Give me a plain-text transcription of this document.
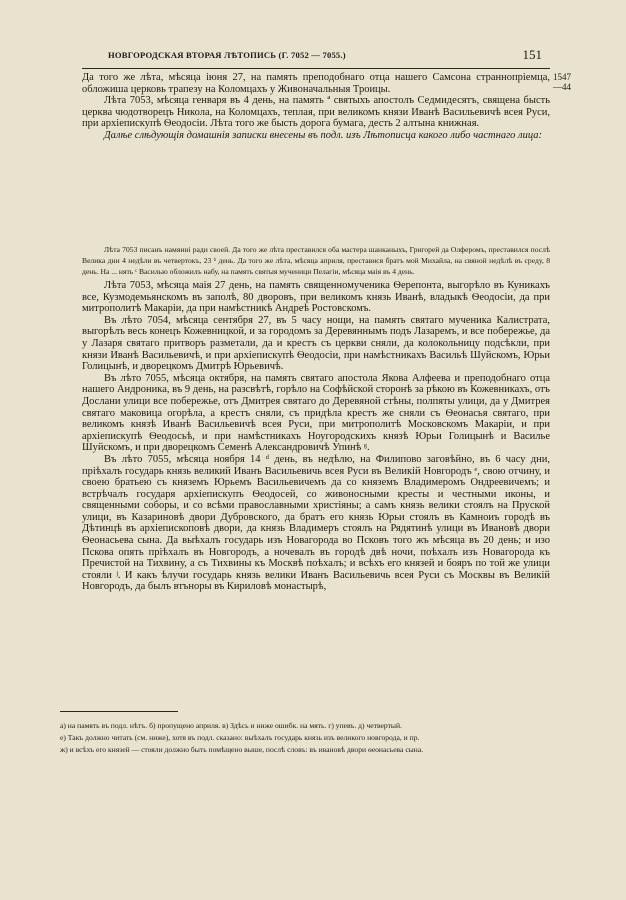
НОВГОРОДСКАЯ ВТОРАЯ ЛѢТОПИСЬ (Г. 7052 — 7055.)	151
1547
—44

Да того же лѣта, мѣсяца iюня 27, на память преподобнаго отца нашего Самсона страннопрiемца, обложиша церковь трапезу на Коломцахъ у Живоначальныя Троицы.

Лѣта 7053, мѣсяца генваря въ 4 день, на память ª святыхъ апостолъ Седмидесятъ, священа бысть церква чюдотворецъ Никола, на Коломцахъ, теплая, при великомъ князи Иванѣ Васильевичѣ всея Руси, при архiепискупѣ Ѳеодосiи. Лѣта того же бысть дорога бумага, десть 2 алтына книжная.

Далѣе слѣдующiя домашнiя записки внесены въ подл. изъ Лѣтописца какого либо частнаго лица:

Лѣта 7053 писанъ намяинi ради своей. Да того же лѣта преставился оба мастера шанканыхъ, Григорей да Олферомъ, преставился послѣ Велика дни 4 недѣли въ четвертокъ, 23 ᵇ день. Да того же лѣта, мѣсяца априля, преставися братъ мой Михайла, на свяной недѣлѣ въ среду, 8 день. На ... нять ᶜ Василью обложилъ набу, на память святыя мученици Пелагiи, мѣсяца маiя въ 4 день.

Лѣта 7053, мѣсяца маiя 27 день, на память священномученика Ѳерепонта, выгорѣло въ Куникахъ все, Кузмодемьянскомъ въ заполѣ, 80 дворовъ, при великомъ князь Иванѣ, владыкѣ Ѳеодосiи, да при митрополитѣ Макарiи, да при намѣстникѣ Андреѣ Ростовскомъ.

Въ лѣто 7054, мѣсяца сентября 27, въ 5 часу нощи, на память святаго мученика Калистрата, выгорѣлъ весь конецъ Кожевницкой, и за городомъ за Деревяннымъ подъ Лазаремъ, и все побережье, да у Лазаря святаго притворъ разметали, да и крестъ съ церкви сняли, да колокольницу подсѣкли, при князи Иванѣ Васильевичѣ, и при архiепискупѣ Ѳеодосiи, при намѣстникахъ Васильѣ Шуйскомъ, Юрьи Голицынѣ, и дворецкомъ Дмитрѣ Юрьевичѣ.

Въ лѣто 7055, мѣсяца октября, на память святаго апостола Якова Алфеева и преподобнаго отца нашего Андроника, въ 9 день, на разсвѣтѣ, горѣло на Софѣйской сторонѣ за рѣкою въ Кожевникахъ, отъ Дослани улици все побережье, отъ Дмитрея святаго до Деревяной стѣны, полпяты улици, да у Дмитрея святаго маковица огорѣла, а крестъ сняли, съ придѣла крестъ же сняли съ Ѳеонасья святаго, при великомъ князѣ Иванѣ Васильевичѣ всея Руси, при митрополитѣ Московскомъ Макарiи, и при архiепискупѣ Ѳеодосьѣ, и при намѣстникахъ Ноугородскихъ князѣ Юрьи Голицынѣ и Василье Шуйскомъ, и при дворецкомъ Семенѣ Александровичѣ Упинѣ ᵍ.

Въ лѣто 7055, мѣсяца ноября 14 ᵈ день, въ недѣлю, на Филипово заговѣйно, въ 6 часу дни, прiѣхалъ государь князь великий Иванъ Васильевичь всея Руси въ Великiй Новгородъ ᵉ, свою отчину, и своею братьею съ княземъ Юрьемъ Васильевичемъ да со княземъ Владимеромъ Ондреевичемъ; и встрѣчалъ государя архiепискупъ Ѳеодосей, со живоносными кресты и честными иконы, и священными соборы, и со всѣми православными христiяны; а самъ князь велики стоялъ на Пруской улици, въ Казариновѣ двори Дубровского, да братъ его князь Юрьи стоялъ въ Камноиъ городѣ въ Дѣтинцѣ въ архiепископовѣ двори, да князь Владимеръ стоялъ на Рядятинѣ улици въ Ивановѣ двори Ѳеонасьева сына. Да выѣхалъ государь изъ Новагорода во Псковъ того жъ мѣсяца въ 20 день; и изо Пскова опять прiѣхалъ въ Новгородъ, а ночевалъ въ городѣ двѣ ночи, поѣхалъ изъ Новагорода къ Пречистой на Тихвину, а съ Тихвины къ Москвѣ поѣхалъ; и всѣхъ его князей и бояръ по той же улици стояли ʲ. И какъ ѣлучи государь князь велики Иванъ Васильевичь всея Руси съ Москвы въ Великiй Новгородъ, да былъ втъноры въ Кириловѣ монастырѣ,

а) на память въ подл. нѣтъ. б) пропущено априля. в) Здѣсь и ниже ошибк. на мять. г) упевъ. д) четвертый.

е) Такъ должно читать (см. ниже), хотя въ подл. сказано: выѣхалъ государь князь изъ великого новгорода, и пр.

ж) и всѣхъ его князей — стояли должно быть помѣщено выше, послѣ словъ: въ ивановѣ двори ѳеонасьева сына.
